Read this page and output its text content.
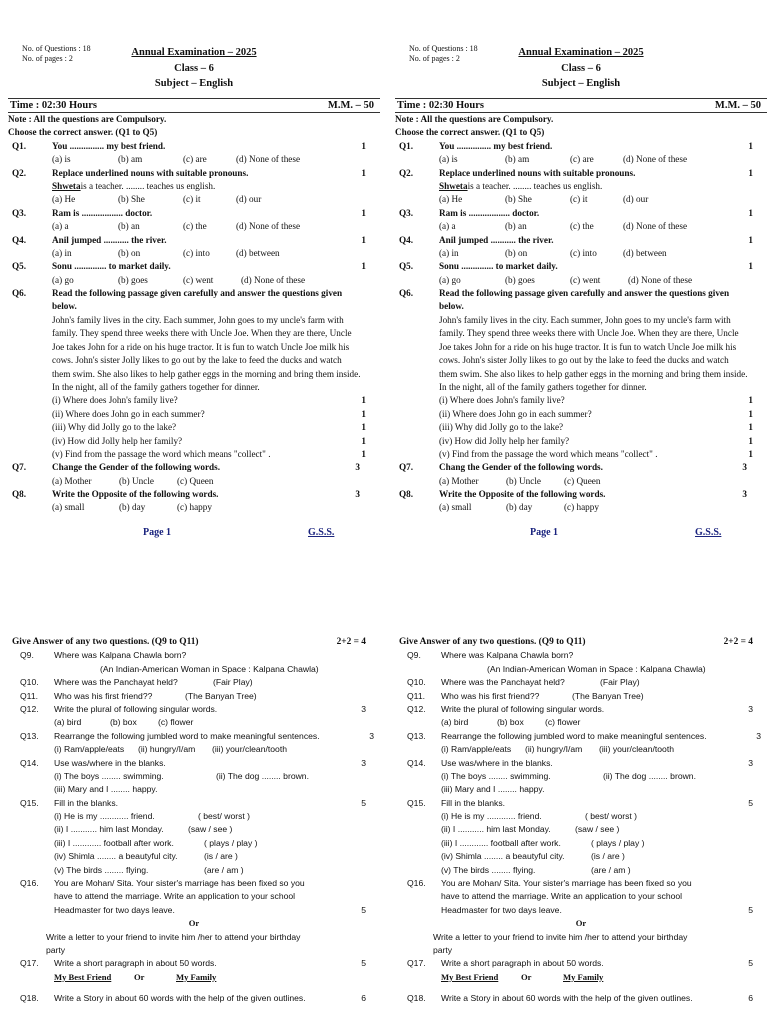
No. of Questions : 18
No. of pages : 2
Annual Examination – 2025
Class – 6
Subject – English
Time : 02:30 Hours	M.M. – 50
Note : All the questions are Compulsory.
Choose the correct answer. (Q1 to Q5)
Q1.	You ............... my best friend.	1
(a) is	(b) am	(c) are	(d) None of these
Q2.	Replace underlined nouns with suitable pronouns.	1
Shwetais a teacher. ........ teaches us english.
(a) He	(b) She	(c) it	(d) our
Q3.	Ram is .................. doctor.	1
(a) a	(b) an	(c) the	(d) None of these
Q4.	Anil jumped ........... the river.	1
(a) in	(b) on	(c) into	(d) between
Q5.	Sonu .............. to market daily.	1
(a) go	(b) goes	(c) went	(d) None of these
Q6.	Read the following passage given carefully and answer the questions given below.
John's family lives in the city. Each summer, John goes to my uncle's farm with family. They spend three weeks there with Uncle Joe. When they are there, Uncle Joe takes John for a ride on his huge tractor. It is fun to watch Uncle Joe milk his cows. John's sister Jolly likes to go out by the lake to feed the ducks and watch them swim. She also likes to help gather eggs in the morning and bring them inside. In the night, all of the family gathers together for dinner.
(i) Where does John's family live?	1
(ii) Where does John go in each summer?	1
(iii) Why did Jolly go to the lake?	1
(iv) How did Jolly help her family?	1
(v) Find from the passage the word which means "collect" .	1
Q7.	Change the Gender of the following words.	3
(a) Mother	(b) Uncle	(c) Queen
Q8.	Write the Opposite of the following words.	3
(a) small	(b) day	(c) happy
Page 1	G.S.S.
No. of Questions : 18
No. of pages : 2
Annual Examination – 2025
Class – 6
Subject – English
Time : 02:30 Hours	M.M. – 50
Note : All the questions are Compulsory.
Choose the correct answer. (Q1 to Q5)
Q1.	You ............... my best friend.	1
(a) is	(b) am	(c) are	(d) None of these
Q2.	Replace underlined nouns with suitable pronouns.	1
Shwetais a teacher. ........ teaches us english.
(a) He	(b) She	(c) it	(d) our
Q3.	Ram is .................. doctor.	1
(a) a	(b) an	(c) the	(d) None of these
Q4.	Anil jumped ........... the river.	1
(a) in	(b) on	(c) into	(d) between
Q5.	Sonu .............. to market daily.	1
(a) go	(b) goes	(c) went	(d) None of these
Q6.	Read the following passage given carefully and answer the questions given below.
John's family lives in the city. Each summer, John goes to my uncle's farm with family. They spend three weeks there with Uncle Joe. When they are there, Uncle Joe takes John for a ride on his huge tractor. It is fun to watch Uncle Joe milk his cows. John's sister Jolly likes to go out by the lake to feed the ducks and watch them swim. She also likes to help gather eggs in the morning and bring them inside. In the night, all of the family gathers together for dinner.
(i) Where does John's family live?	1
(ii) Where does John go in each summer?	1
(iii) Why did Jolly go to the lake?	1
(iv) How did Jolly help her family?	1
(v) Find from the passage the word which means "collect" .	1
Q7.	Chang the Gender of the following words.	3
(a) Mother	(b) Uncle	(c) Queen
Q8.	Write the Opposite of the following words.	3
(a) small	(b) day	(c) happy
Page 1	G.S.S.
Give Answer of any two questions. (Q9 to Q11)	2+2 = 4
Q9. Where was Kalpana Chawla born?
(An Indian-American Woman in Space : Kalpana Chawla)
Q10. Where was the Panchayat held?	(Fair Play)
Q11. Who was his first friend??	(The Banyan Tree)
Q12. Write the plural of following singular words.	3
(a) bird	(b) box (c) flower
Q13. Rearrange the following jumbled word to make meaningful sentences.	3
(i) Ram/apple/eats (ii) hungry/I/am (iii) your/clean/tooth
Q14. Use was/where in the blanks.	3
(i) The boys ........ swimming.	(ii) The dog ........ brown.
(iii) Mary and I ........ happy.
Q15. Fill in the blanks.	5
(i) He is my ............ friend.	( best/ worst )
(ii) I ........... him last Monday.	(saw / see )
(iii) I ............ football after work.	( plays / play )
(iv) Shimla ........ a beautyful city.	(is / are )
(v) The birds ........ flying.	(are / am )
Q16. You are Mohan/ Sita. Your sister's marriage has been fixed so you
have to attend the marriage. Write an application to your school
Headmaster for two days leave.	5
Or
Write a letter to your friend to invite him /her to attend your birthday
party
Q17. Write a short paragraph in about 50 words.	5
My Best Friend	Or	My Family
Q18. Write a Story in about 60 words with the help of the given outlines.	6
Give Answer of any two questions. (Q9 to Q11)	2+2 = 4
Q9. Where was Kalpana Chawla born?
(An Indian-American Woman in Space : Kalpana Chawla)
Q10. Where was the Panchayat held?	(Fair Play)
Q11. Who was his first friend??	(The Banyan Tree)
Q12. Write the plural of following singular words.	3
(a) bird	(b) box (c) flower
Q13. Rearrange the following jumbled word to make meaningful sentences.	3
(i) Ram/apple/eats (ii) hungry/I/am (iii) your/clean/tooth
Q14. Use was/where in the blanks.	3
(i) The boys ........ swimming.	(ii) The dog ........ brown.
(iii) Mary and I ........ happy.
Q15. Fill in the blanks.	5
(i) He is my ............ friend.	( best/ worst )
(ii) I ........... him last Monday.	(saw / see )
(iii) I ............ football after work.	( plays / play )
(iv) Shimla ........ a beautyful city.	(is / are )
(v) The birds ........ flying.	(are / am )
Q16. You are Mohan/ Sita. Your sister's marriage has been fixed so you
have to attend the marriage. Write an application to your school
Headmaster for two days leave.	5
Or
Write a letter to your friend to invite him /her to attend your birthday
party
Q17. Write a short paragraph in about 50 words.	5
My Best Friend	Or	My Family
Q18. Write a Story in about 60 words with the help of the given outlines.	6
